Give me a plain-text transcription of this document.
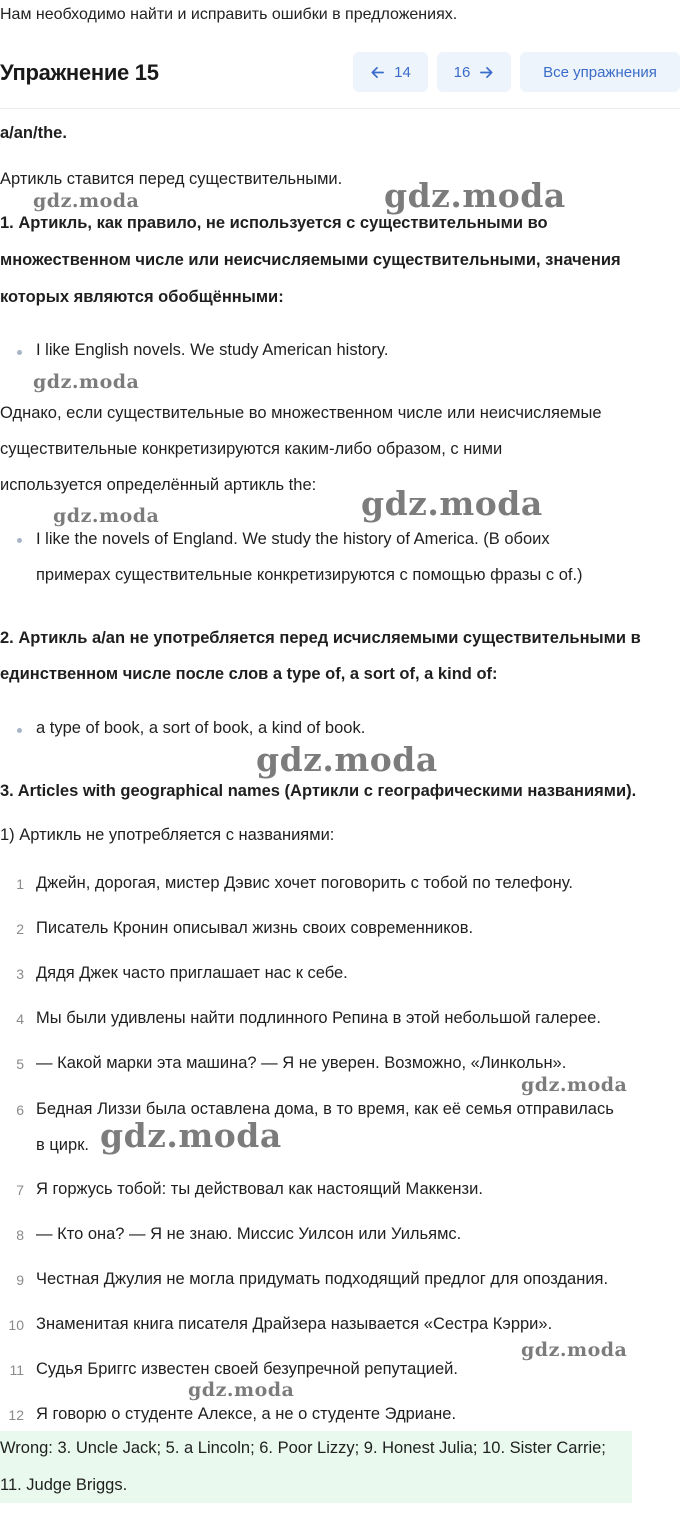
Нам необходимо найти и исправить ошибки в предложениях.
a/an/the.
Артикль ставится перед существительными.
1. Артикль, как правило, не используется с существительными во
множественном числе или неисчисляемыми существительными, значения
которых являются обобщёнными:
I like English novels. We study American history.
Однако, если существительные во множественном числе или неисчисляемые
существительные конкретизируются каким-либо образом, с ними
используется определённый артикль the:
I like the novels of England. We study the history of America. (В обоих
примерах существительные конкретизируются с помощью фразы с of.)
2. Артикль a/an не употребляется перед исчисляемыми существительными в
единственном числе после слов a type of, a sort of, a kind of:
a type of book, a sort of book, a kind of book.
3. Articles with geographical names (Артикли с географическими названиями).
1) Артикль не употребляется с названиями:
1 Джейн, дорогая, мистер Дэвис хочет поговорить с тобой по телефону.
2 Писатель Кронин описывал жизнь своих современников.
3 Дядя Джек часто приглашает нас к себе.
4 Мы были удивлены найти подлинного Репина в этой небольшой галерее.
5 — Какой марки эта машина? — Я не уверен. Возможно, «Линкольн».
6 Бедная Лиззи была оставлена дома, в то время, как её семья отправилась
в цирк.
7 Я горжусь тобой: ты действовал как настоящий Маккензи.
8 — Кто она? — Я не знаю. Миссис Уилсон или Уильямс.
9 Честная Джулия не могла придумать подходящий предлог для опоздания.
10 Знаменитая книга писателя Драйзера называется «Сестра Кэрри».
11 Судья Бриггс известен своей безупречной репутацией.
12 Я говорю о студенте Алексе, а не о студенте Эдриане.
Wrong: 3. Uncle Jack; 5. a Lincoln; 6. Poor Lizzy; 9. Honest Julia; 10. Sister Carrie;
11. Judge Briggs.
gdz.moda	gdz.moda
gdz.moda
gdz.moda
gdz.moda
gdz.moda
gdz.moda
gdz.moda
gdz.moda
gdz.moda
Упражнение 15	14	16	Все упражнения
